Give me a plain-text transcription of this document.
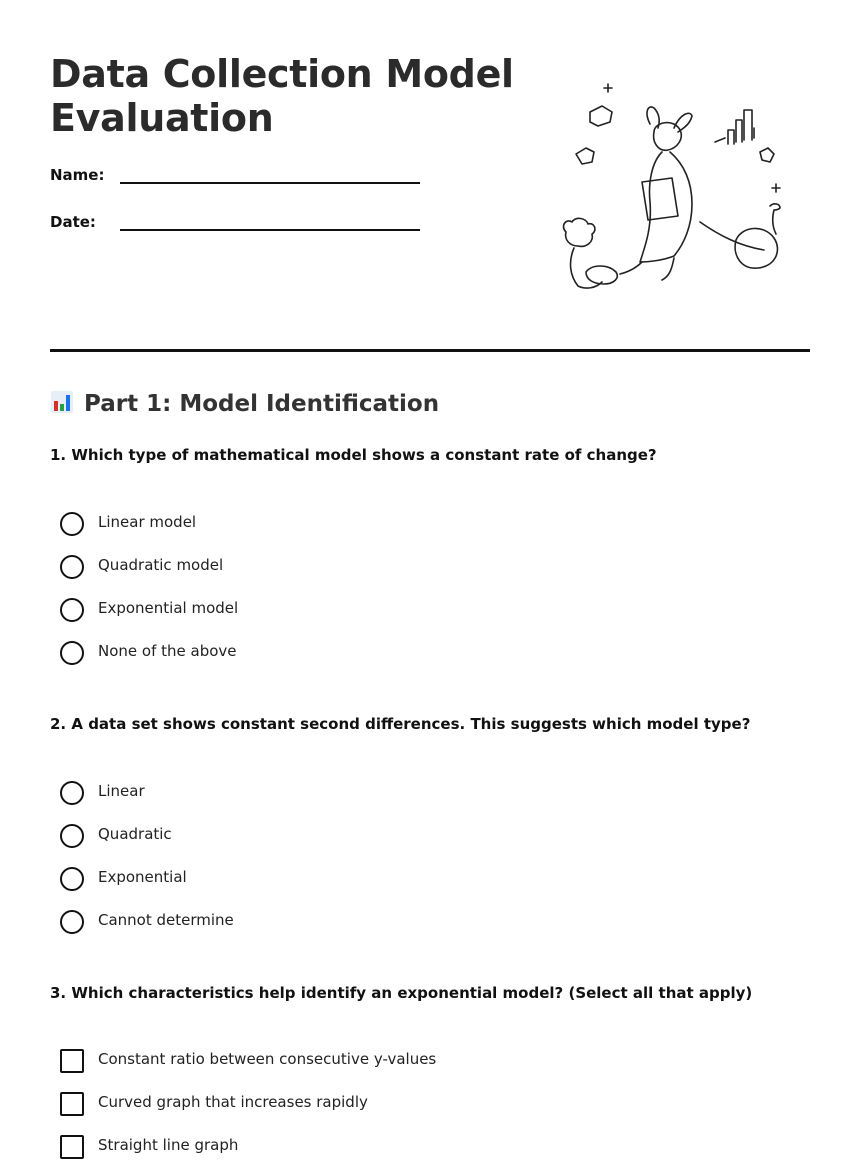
Data Collection Model
Evaluation
Name:
Date:
Part 1: Model Identification

1. Which type of mathematical model shows a constant rate of change?

Linear model
Quadratic model
Exponential model
None of the above

2. A data set shows constant second differences. This suggests which model type?

Linear
Quadratic
Exponential
Cannot determine

3. Which characteristics help identify an exponential model? (Select all that apply)

Constant ratio between consecutive y-values
Curved graph that increases rapidly
Straight line graph
